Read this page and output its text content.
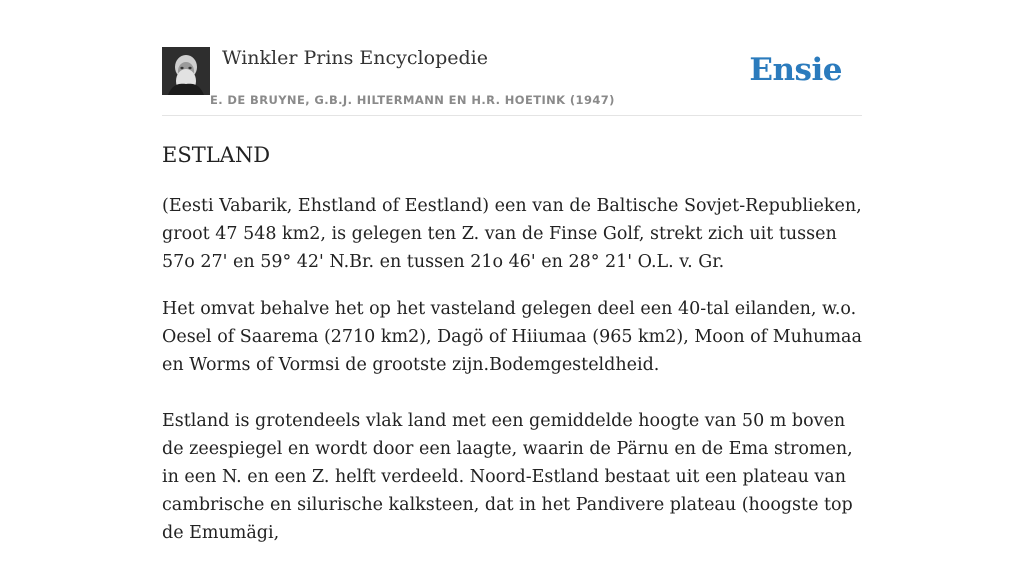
Winkler Prins Encyclopedie
E. DE BRUYNE, G.B.J. HILTERMANN EN H.R. HOETINK (1947)
Ensie
ESTLAND

(Eesti Vabarik, Ehstland of Eestland) een van de Baltische Sovjet-Republieken, groot 47 548 km2, is gelegen ten Z. van de Finse Golf, strekt zich uit tussen 57o 27' en 59° 42' N.Br. en tussen 21o 46' en 28° 21' O.L. v. Gr.

Het omvat behalve het op het vasteland gelegen deel een 40-tal eilanden, w.o. Oesel of Saarema (2710 km2), Dagö of Hiiumaa (965 km2), Moon of Muhumaa en Worms of Vormsi de grootste zijn.Bodemgesteldheid.

Estland is grotendeels vlak land met een gemiddelde hoogte van 50 m boven de zeespiegel en wordt door een laagte, waarin de Pärnu en de Ema stromen, in een N. en een Z. helft verdeeld. Noord-Estland bestaat uit een plateau van cambrische en silurische kalksteen, dat in het Pandivere plateau (hoogste top de Emumägi,
